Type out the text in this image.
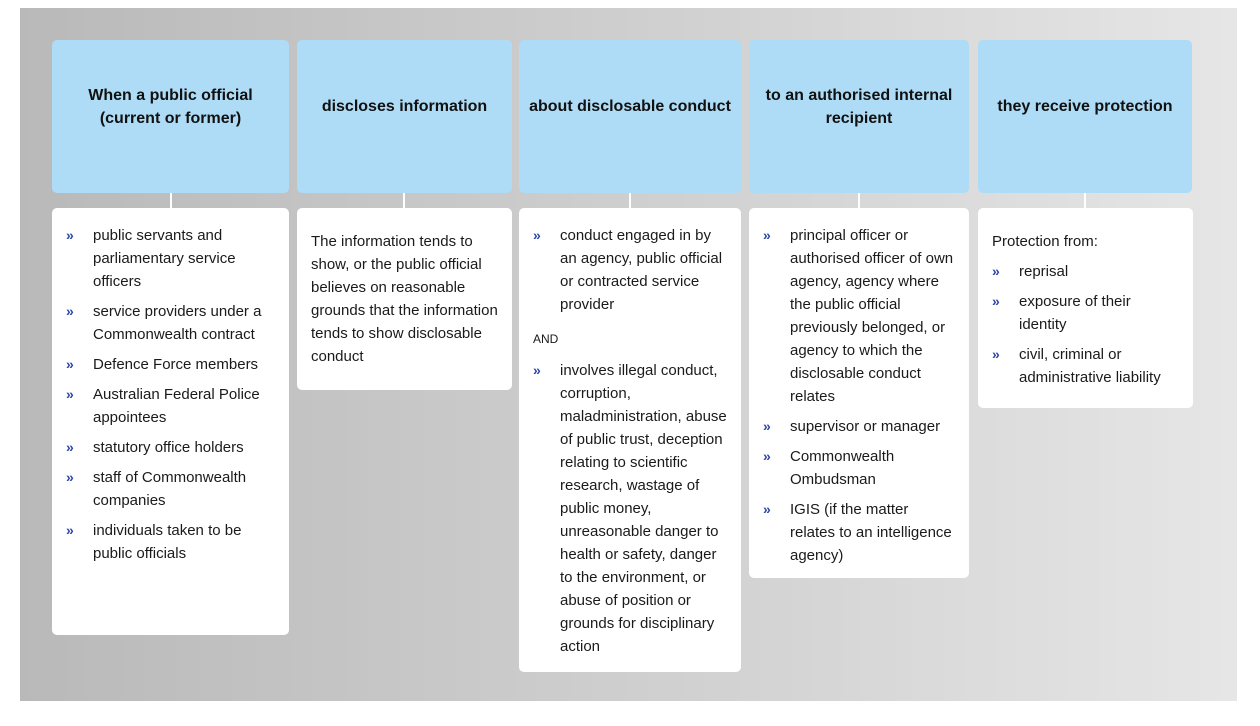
When a public official (current or former)
» public servants and parliamentary service officers
» service providers under a Commonwealth contract
» Defence Force members
» Australian Federal Police appointees
» statutory office holders
» staff of Commonwealth companies
» individuals taken to be public officials
discloses information

The information tends to show, or the public official believes on reasonable grounds that the information tends to show disclosable conduct

about disclosable conduct
» conduct engaged in by an agency, public official or contracted service provider
AND
» involves illegal conduct, corruption, maladministration, abuse of public trust, deception relating to scientific research, wastage of public money, unreasonable danger to health or safety, danger to the environment, or abuse of position or grounds for disciplinary action
to an authorised internal recipient
» principal officer or authorised officer of own agency, agency where the public official previously belonged, or agency to which the disclosable conduct relates
» supervisor or manager
» Commonwealth Ombudsman
» IGIS (if the matter relates to an intelligence agency)
they receive protection

Protection from:

» reprisal
» exposure of their identity
» civil, criminal or administrative liability
